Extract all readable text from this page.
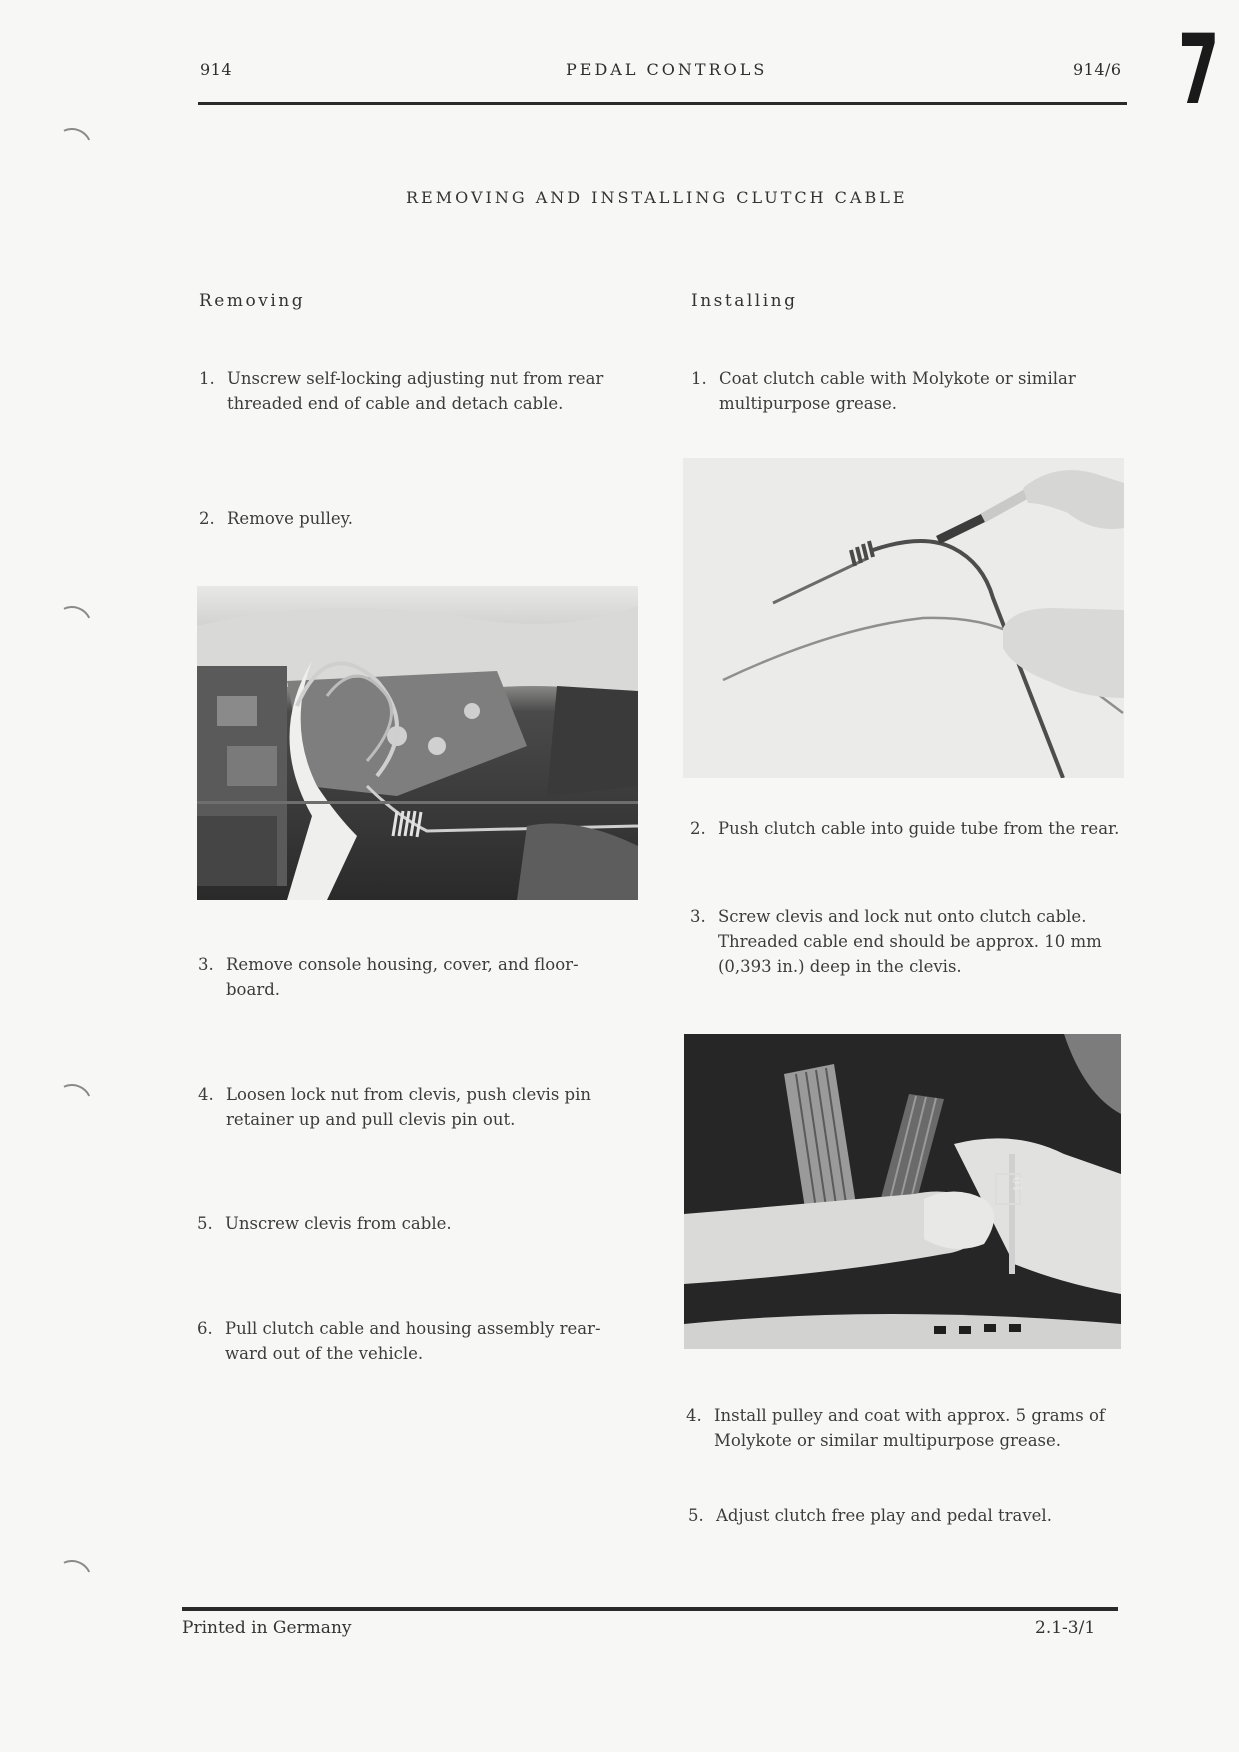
914	PEDAL CONTROLS	914/6 7
REMOVING AND INSTALLING CLUTCH CABLE
Removing	Installing
1. Unscrew self-locking adjusting nut from rear threaded end of cable and detach cable.
2. Remove pulley.
3. Remove console housing, cover, and floor-board.
4. Loosen lock nut from clevis, push clevis pin retainer up and pull clevis pin out.
5. Unscrew clevis from cable.
6. Pull clutch cable and housing assembly rear-ward out of the vehicle.
1. Coat clutch cable with Molykote or similar multipurpose grease.
2. Push clutch cable into guide tube from the rear.
3. Screw clevis and lock nut onto clutch cable. Threaded cable end should be approx. 10 mm (0,393 in.) deep in the clevis.
10
4. Install pulley and coat with approx. 5 grams of Molykote or similar multipurpose grease.
5. Adjust clutch free play and pedal travel.
Printed in Germany	2.1-3/1
